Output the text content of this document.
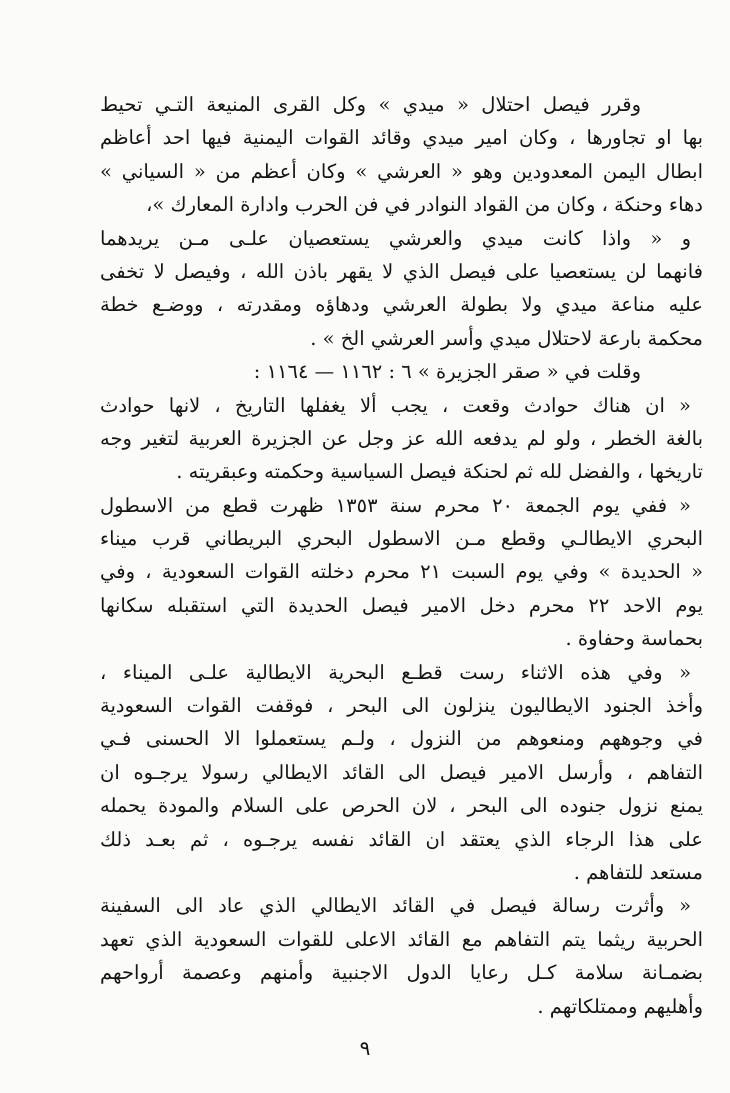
وقرر فيصل احتلال « ميدي » وكل القرى المنيعة التـي تحيط
بها او تجاورها ، وكان امير ميدي وقائد القوات اليمنية فيها احد أعاظم
ابطال اليمن المعدودين وهو « العرشي » وكان أعظم من « السياني »
دهاء وحنكة ، وكان من القواد النوادر في فن الحرب وادارة المعارك »،
و « واذا كانت ميدي والعرشي يستعصيان علـى مـن يريدهما
فانهما لن يستعصيا على فيصل الذي لا يقهر باذن الله ، وفيصل لا تخفى
عليه مناعة ميدي ولا بطولة العرشي ودهاؤه ومقدرته ، ووضـع خطة
محكمة بارعة لاحتلال ميدي وأسر العرشي الخ » .
وقلت في « صقر الجزيرة » ٦ : ١١٦٢ — ١١٦٤ :
« ان هناك حوادث وقعت ، يجب ألا يغفلها التاريخ ، لانها حوادث
بالغة الخطر ، ولو لم يدفعه الله عز وجل عن الجزيرة العربية لتغير وجه
تاريخها ، والفضل لله ثم لحنكة فيصل السياسية وحكمته وعبقريته .
« ففي يوم الجمعة ٢٠ محرم سنة ١٣٥٣ ظهرت قطع من الاسطول
البحري الايطالـي وقطع مـن الاسطول البحري البريطاني قرب ميناء
« الحديدة » وفي يوم السبت ٢١ محرم دخلته القوات السعودية ، وفي
يوم الاحد ٢٢ محرم دخل الامير فيصل الحديدة التي استقبله سكانها
بحماسة وحفاوة .
« وفي هذه الاثناء رست قطـع البحرية الايطالية علـى الميناء ،
وأخذ الجنود الايطاليون ينزلون الى البحر ، فوقفت القوات السعودية
في وجوههم ومنعوهم من النزول ، ولـم يستعملوا الا الحسنى فـي
التفاهم ، وأرسل الامير فيصل الى القائد الايطالي رسولا يرجـوه ان
يمنع نزول جنوده الى البحر ، لان الحرص على السلام والمودة يحمله
على هذا الرجاء الذي يعتقد ان القائد نفسه يرجـوه ، ثم بعـد ذلك
مستعد للتفاهم .
« وأثرت رسالة فيصل في القائد الايطالي الذي عاد الى السفينة
الحربية ريثما يتم التفاهم مع القائد الاعلى للقوات السعودية الذي تعهد
بضمـانة سلامة كـل رعايا الدول الاجنبية وأمنهم وعصمة أرواحهم
وأهليهم وممتلكاتهم .
٩
